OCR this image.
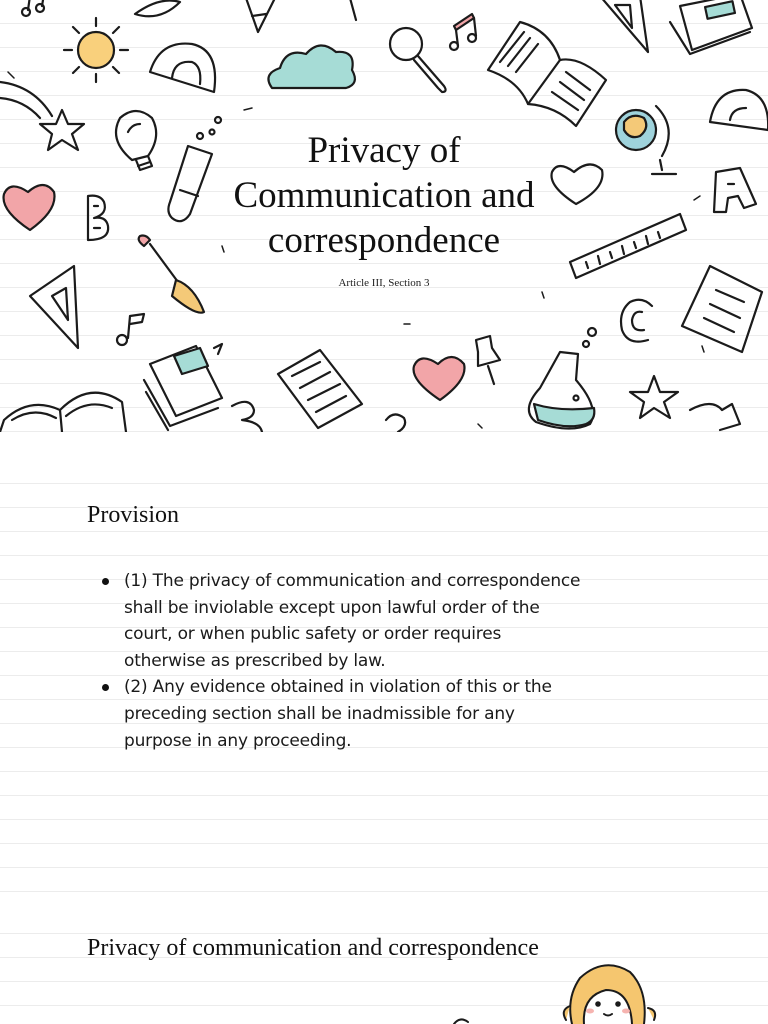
Privacy of Communication and correspondence
Article III, Section 3
Provision
(1) The privacy of communication and correspondence shall be inviolable except upon lawful order of the court, or when public safety or order requires otherwise as prescribed by law.
(2) Any evidence obtained in violation of this or the preceding section shall be inadmissible for any purpose in any proceeding.
Privacy of communication and correspondence
